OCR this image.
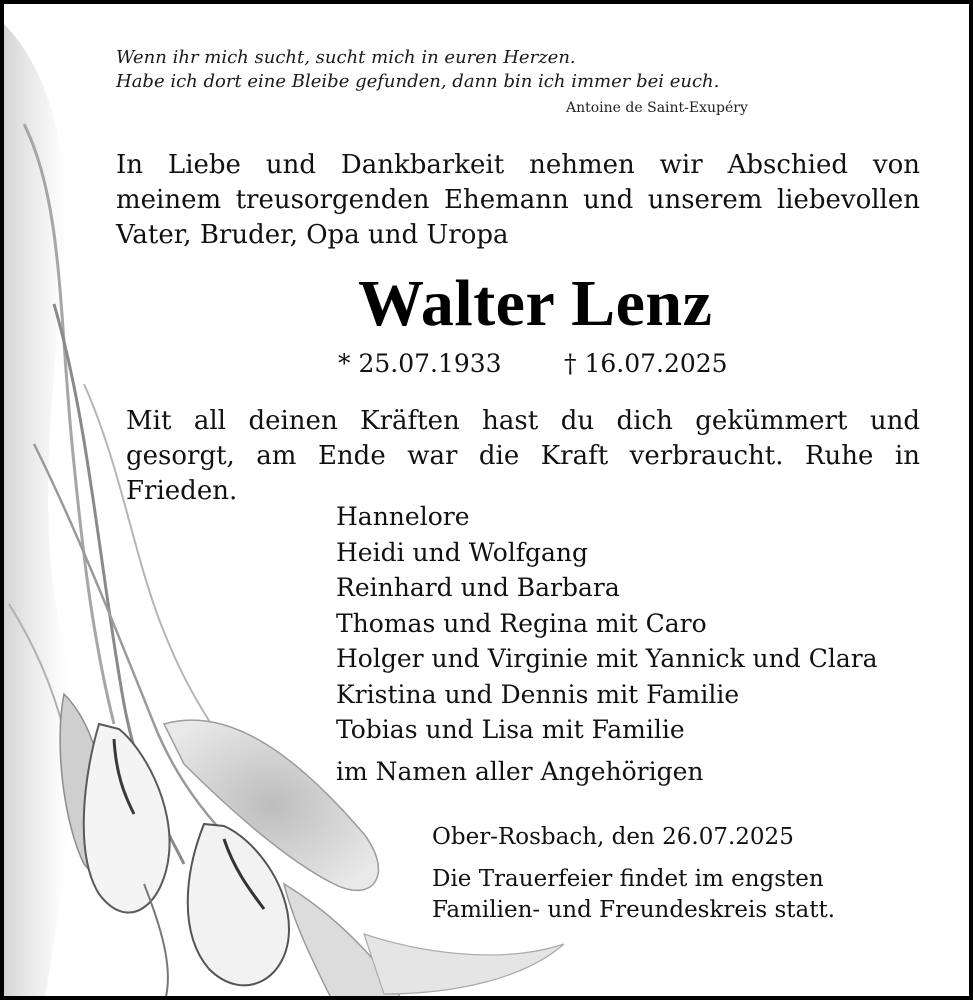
Wenn ihr mich sucht, sucht mich in euren Herzen.
Habe ich dort eine Bleibe gefunden, dann bin ich immer bei euch.
Antoine de Saint-Exupéry
In Liebe und Dankbarkeit nehmen wir Abschied von
meinem treusorgenden Ehemann und unserem liebevollen
Vater, Bruder, Opa und Uropa
Walter Lenz
* 25.07.1933 † 16.07.2025
Mit all deinen Kräften hast du dich gekümmert und
gesorgt, am Ende war die Kraft verbraucht. Ruhe in Frieden.
Hannelore
Heidi und Wolfgang
Reinhard und Barbara
Thomas und Regina mit Caro
Holger und Virginie mit Yannick und Clara
Kristina und Dennis mit Familie
Tobias und Lisa mit Familie
im Namen aller Angehörigen
Ober-Rosbach, den 26.07.2025
Die Trauerfeier findet im engsten
Familien- und Freundeskreis statt.
